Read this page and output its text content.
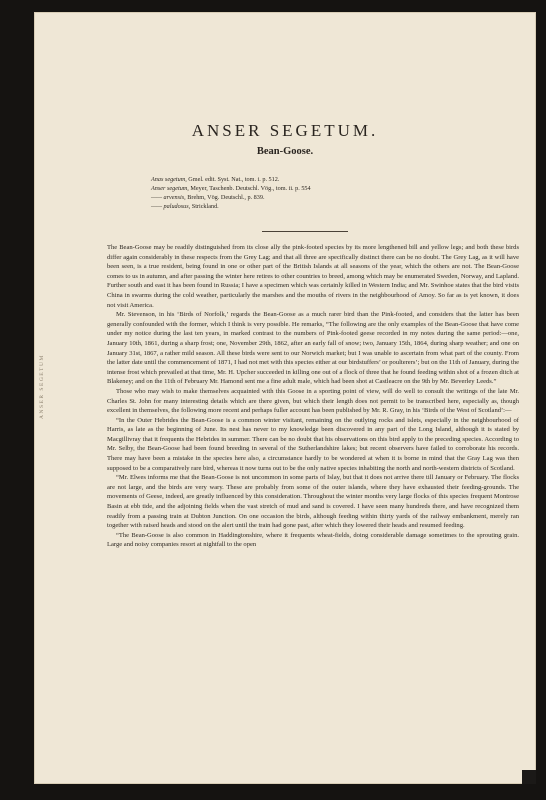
ANSER SEGETUM
ANSER SEGETUM.
Bean-Goose.
Anas segetum, Gmel. edit. Syst. Nat., tom. i. p. 512.
Anser segetum, Meyer, Taschenb. Deutschl. Vög., tom. ii. p. 554
—— arvensis, Brehm, Vög. Deutschl., p. 839.
—— paludosus, Strickland.

The Bean-Goose may be readily distinguished from its close ally the pink-footed species by its more lengthened bill and yellow legs; and both these birds differ again considerably in these respects from the Grey Lag; and that all three are specifically distinct there can be no doubt. The Grey Lag, as it will have been seen, is a true resident, being found in one or other part of the British Islands at all seasons of the year, which the others are not. The Bean-Goose comes to us in autumn, and after passing the winter here retires to other countries to breed, among which may be enumerated Sweden, Norway, and Lapland. Further south and east it has been found in Russia; I have a specimen which was certainly killed in Western India; and Mr. Swinhoe states that the bird visits China in swarms during the cold weather, particularly the marshes and the mouths of rivers in the neighbourhood of Amoy. So far as is yet known, it does not visit America.

Mr. Stevenson, in his ‘Birds of Norfolk,’ regards the Bean-Goose as a much rarer bird than the Pink-footed, and considers that the latter has been generally confounded with the former, which I think is very possible. He remarks, “The following are the only examples of the Bean-Goose that have come under my notice during the last ten years, in marked contrast to the numbers of Pink-footed geese recorded in my notes during the same period:—one, January 10th, 1861, during a sharp frost; one, November 29th, 1862, after an early fall of snow; two, January 15th, 1864, during sharp weather; and one on January 31st, 1867, a rather mild season. All these birds were sent to our Norwich market; but I was unable to ascertain from what part of the county. From the latter date until the commencement of 1871, I had not met with this species either at our birdstuffers’ or poulterers’; but on the 11th of January, during the intense frost which prevailed at that time, Mr. H. Upcher succeeded in killing one out of a flock of three that he found feeding within shot of a frozen ditch at Blakeney; and on the 11th of February Mr. Hamond sent me a fine adult male, which had been shot at Castleacre on the 9th by Mr. Beverley Leeds.”

Those who may wish to make themselves acquainted with this Goose in a sporting point of view, will do well to consult the writings of the late Mr. Charles St. John for many interesting details which are there given, but which their length does not permit to be transcribed here, especially as, though excellent in themselves, the following more recent and perhaps fuller account has been published by Mr. R. Gray, in his ‘Birds of the West of Scotland’:—

“In the Outer Hebrides the Bean-Goose is a common winter visitant, remaining on the outlying rocks and islets, especially in the neighbourhood of Harris, as late as the beginning of June. Its nest has never to my knowledge been discovered in any part of the Long Island, although it is stated by Macgillivray that it frequents the Hebrides in summer. There can be no doubt that his observations on this bird apply to the preceding species. According to Mr. Selby, the Bean-Goose had been found breeding in several of the Sutherlandshire lakes; but recent observers have failed to corroborate his records. There may have been a mistake in the species here also, a circumstance hardly to be wondered at when it is borne in mind that the Gray Lag was then supposed to be a comparatively rare bird, whereas it now turns out to be the only native species inhabiting the north and north-western districts of Scotland.

“Mr. Elwes informs me that the Bean-Goose is not uncommon in some parts of Islay, but that it does not arrive there till January or February. The flocks are not large, and the birds are very wary. These are probably from some of the outer islands, where they have exhausted their feeding-grounds. The movements of Geese, indeed, are greatly influenced by this consideration. Throughout the winter months very large flocks of this species frequent Montrose Basin at ebb tide, and the adjoining fields when the vast stretch of mud and sand is covered. I have seen many hundreds there, and have recognized them readily from a passing train at Dubton Junction. On one occasion the birds, although feeding within thirty yards of the railway embankment, merely ran together with raised heads and stood on the alert until the train had gone past, after which they lowered their heads and resumed feeding.

“The Bean-Goose is also common in Haddingtonshire, where it frequents wheat-fields, doing considerable damage sometimes to the sprouting grain. Large and noisy companies resort at nightfall to the open
